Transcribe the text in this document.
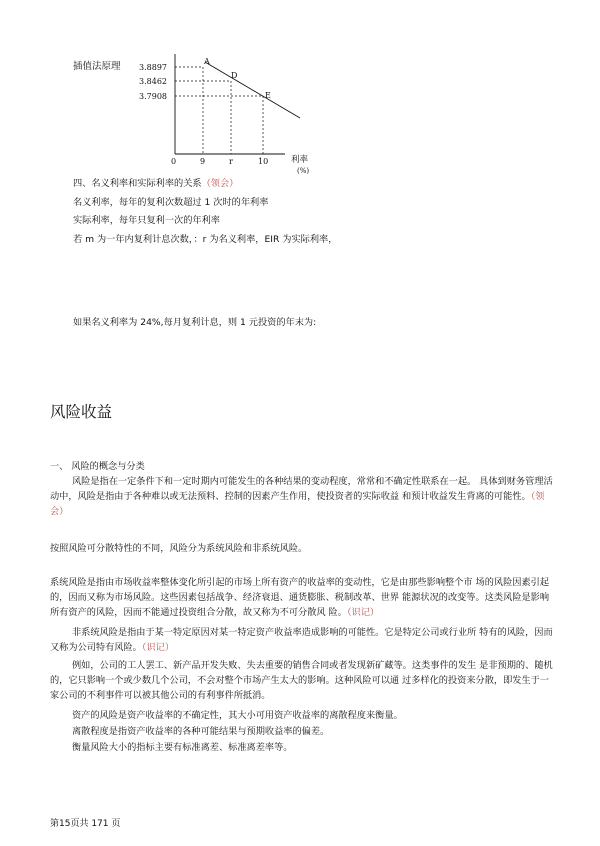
插值法原理 3.8897
3.8462
3.7908
A
D
E
0	9	r	10	利率
(%)
四、名义利率和实际利率的关系（领会）
名义利率，每年的复利次数超过 1 次时的年利率
实际利率，每年只复利一次的年利率
若 m 为一年内复利计息次数，：r 为名义利率，EIR 为实际利率，
如果名义利率为 24%,每月复利计息，则 1 元投资的年末为:
风险收益
一、 风险的概念与分类

风险是指在一定条件下和一定时期内可能发生的各种结果的变动程度，常常和不确定性联系在一起。 具体到财务管理活动中，风险是指由于各种难以或无法预料、控制的因素产生作用，使投资者的实际收益 和预计收益发生背离的可能性。（领会）

按照风险可分散特性的不同，风险分为系统风险和非系统风险。

系统风险是指由市场收益率整体变化所引起的市场上所有资产的收益率的变动性，它是由那些影响整个市 场的风险因素引起的，因而又称为市场风险。这些因素包括战争、经济衰退、通货膨胀、税制改革、世界 能源状况的改变等。这类风险是影响所有资产的风险，因而不能通过投资组合分散，故又称为不可分散风 险。（识记）

非系统风险是指由于某一特定原因对某一特定资产收益率造成影响的可能性。它是特定公司或行业所 特有的风险，因而又称为公司特有风险。（识记）

例如，公司的工人罢工、新产品开发失败、失去重要的销售合同或者发现新矿藏等。这类事件的发生 是非预期的、随机的，它只影响一个或少数几个公司，不会对整个市场产生太大的影响。这种风险可以通 过多样化的投资来分散，即发生于一家公司的不利事件可以被其他公司的有利事件所抵消。

资产的风险是资产收益率的不确定性，其大小可用资产收益率的离散程度来衡量。

离散程度是指资产收益率的各种可能结果与预期收益率的偏差。

衡量风险大小的指标主要有标准离差、标准离差率等。

第15页共 171 页
